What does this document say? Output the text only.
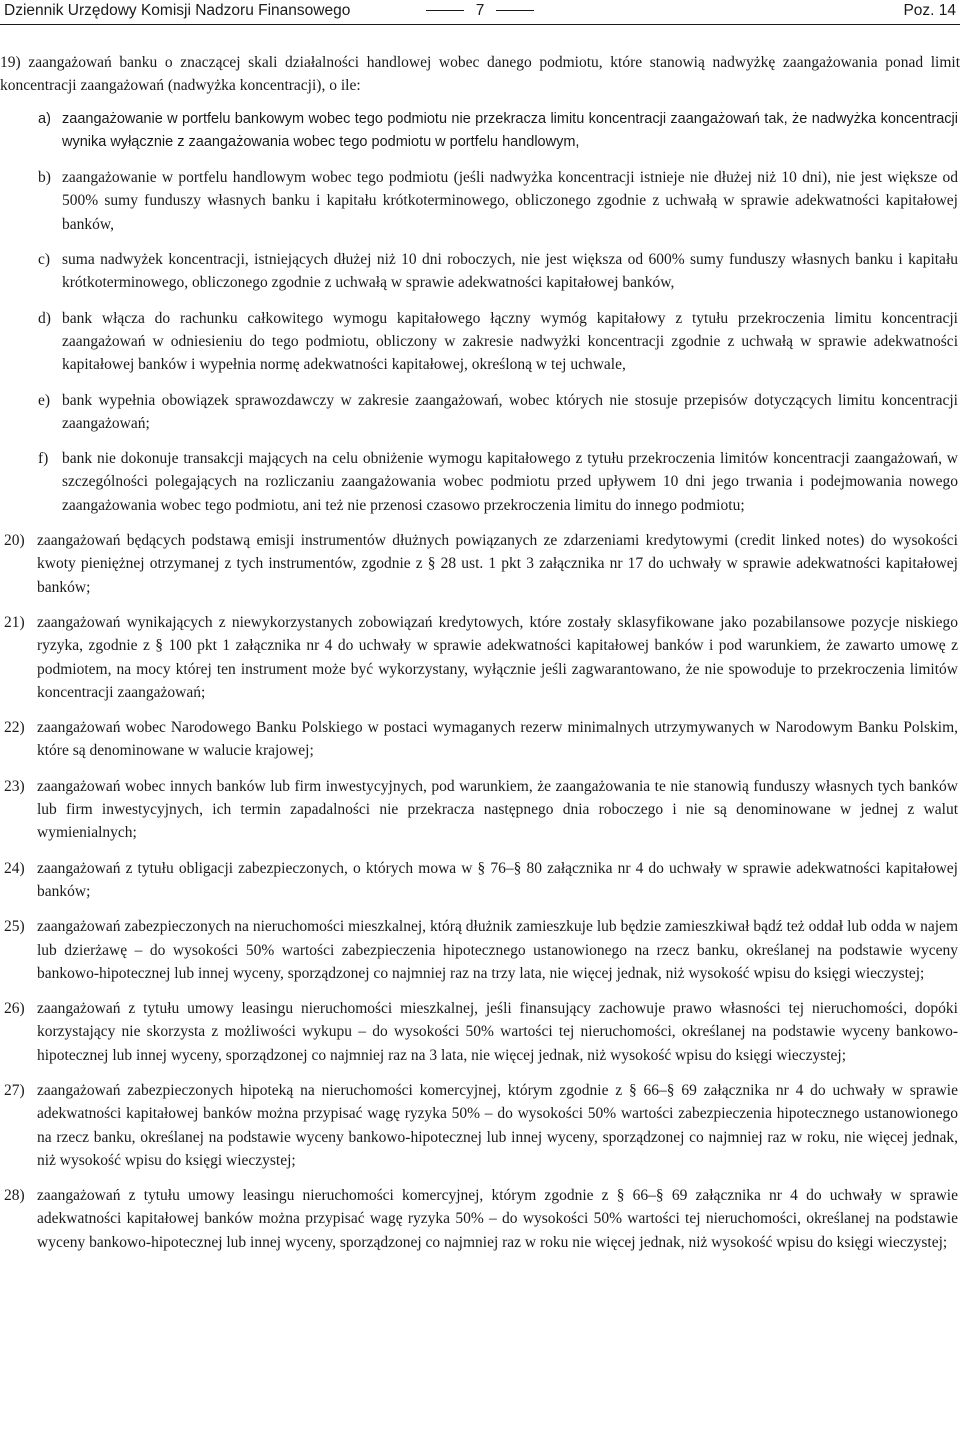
Dziennik Urzędowy Komisji Nadzoru Finansowego	7	Poz. 14
19) zaangażowań banku o znaczącej skali działalności handlowej wobec danego podmiotu, które stanowią nadwyżkę zaangażowania ponad limit koncentracji zaangażowań (nadwyżka koncentracji), o ile:
a) zaangażowanie w portfelu bankowym wobec tego podmiotu nie przekracza limitu koncentracji zaangażowań tak, że nadwyżka koncentracji wynika wyłącznie z zaangażowania wobec tego podmiotu w portfelu handlowym,
b) zaangażowanie w portfelu handlowym wobec tego podmiotu (jeśli nadwyżka koncentracji istnieje nie dłużej niż 10 dni), nie jest większe od 500% sumy funduszy własnych banku i kapitału krótkoterminowego, obliczonego zgodnie z uchwałą w sprawie adekwatności kapitałowej banków,
c) suma nadwyżek koncentracji, istniejących dłużej niż 10 dni roboczych, nie jest większa od 600% sumy funduszy własnych banku i kapitału krótkoterminowego, obliczonego zgodnie z uchwałą w sprawie adekwatności kapitałowej banków,
d) bank włącza do rachunku całkowitego wymogu kapitałowego łączny wymóg kapitałowy z tytułu przekroczenia limitu koncentracji zaangażowań w odniesieniu do tego podmiotu, obliczony w zakresie nadwyżki koncentracji zgodnie z uchwałą w sprawie adekwatności kapitałowej banków i wypełnia normę adekwatności kapitałowej, określoną w tej uchwale,
e) bank wypełnia obowiązek sprawozdawczy w zakresie zaangażowań, wobec których nie stosuje przepisów dotyczących limitu koncentracji zaangażowań;
f) bank nie dokonuje transakcji mających na celu obniżenie wymogu kapitałowego z tytułu przekroczenia limitów koncentracji zaangażowań, w szczególności polegających na rozliczaniu zaangażowania wobec podmiotu przed upływem 10 dni jego trwania i podejmowania nowego zaangażowania wobec tego podmiotu, ani też nie przenosi czasowo przekroczenia limitu do innego podmiotu;
20) zaangażowań będących podstawą emisji instrumentów dłużnych powiązanych ze zdarzeniami kredytowymi (credit linked notes) do wysokości kwoty pieniężnej otrzymanej z tych instrumentów, zgodnie z § 28 ust. 1 pkt 3 załącznika nr 17 do uchwały w sprawie adekwatności kapitałowej banków;
21) zaangażowań wynikających z niewykorzystanych zobowiązań kredytowych, które zostały sklasyfikowane jako pozabilansowe pozycje niskiego ryzyka, zgodnie z § 100 pkt 1 załącznika nr 4 do uchwały w sprawie adekwatności kapitałowej banków i pod warunkiem, że zawarto umowę z podmiotem, na mocy której ten instrument może być wykorzystany, wyłącznie jeśli zagwarantowano, że nie spowoduje to przekroczenia limitów koncentracji zaangażowań;
22) zaangażowań wobec Narodowego Banku Polskiego w postaci wymaganych rezerw minimalnych utrzymywanych w Narodowym Banku Polskim, które są denominowane w walucie krajowej;
23) zaangażowań wobec innych banków lub firm inwestycyjnych, pod warunkiem, że zaangażowania te nie stanowią funduszy własnych tych banków lub firm inwestycyjnych, ich termin zapadalności nie przekracza następnego dnia roboczego i nie są denominowane w jednej z walut wymienialnych;
24) zaangażowań z tytułu obligacji zabezpieczonych, o których mowa w § 76–§ 80 załącznika nr 4 do uchwały w sprawie adekwatności kapitałowej banków;
25) zaangażowań zabezpieczonych na nieruchomości mieszkalnej, którą dłużnik zamieszkuje lub będzie zamieszkiwał bądź też oddał lub odda w najem lub dzierżawę – do wysokości 50% wartości zabezpieczenia hipotecznego ustanowionego na rzecz banku, określanej na podstawie wyceny bankowo-hipotecznej lub innej wyceny, sporządzonej co najmniej raz na trzy lata, nie więcej jednak, niż wysokość wpisu do księgi wieczystej;
26) zaangażowań z tytułu umowy leasingu nieruchomości mieszkalnej, jeśli finansujący zachowuje prawo własności tej nieruchomości, dopóki korzystający nie skorzysta z możliwości wykupu – do wysokości 50% wartości tej nieruchomości, określanej na podstawie wyceny bankowo-hipotecznej lub innej wyceny, sporządzonej co najmniej raz na 3 lata, nie więcej jednak, niż wysokość wpisu do księgi wieczystej;
27) zaangażowań zabezpieczonych hipoteką na nieruchomości komercyjnej, którym zgodnie z § 66–§ 69 załącznika nr 4 do uchwały w sprawie adekwatności kapitałowej banków można przypisać wagę ryzyka 50% – do wysokości 50% wartości zabezpieczenia hipotecznego ustanowionego na rzecz banku, określanej na podstawie wyceny bankowo-hipotecznej lub innej wyceny, sporządzonej co najmniej raz w roku, nie więcej jednak, niż wysokość wpisu do księgi wieczystej;
28) zaangażowań z tytułu umowy leasingu nieruchomości komercyjnej, którym zgodnie z § 66–§ 69 załącznika nr 4 do uchwały w sprawie adekwatności kapitałowej banków można przypisać wagę ryzyka 50% – do wysokości 50% wartości tej nieruchomości, określanej na podstawie wyceny bankowo-hipotecznej lub innej wyceny, sporządzonej co najmniej raz w roku nie więcej jednak, niż wysokość wpisu do księgi wieczystej;
